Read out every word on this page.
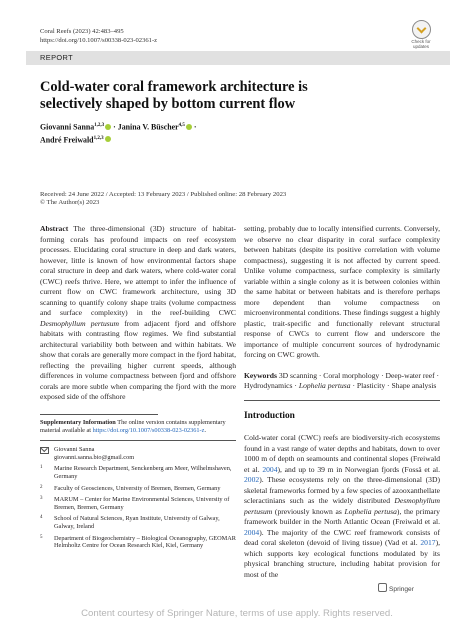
Coral Reefs (2023) 42:483–495
https://doi.org/10.1007/s00338-023-02361-z	Check for
updates
REPORT
Cold-water coral framework architecture is selectively shaped by bottom current flow
Giovanni Sanna$^{1,2,3}$ · Janina V. Büscher$^{4,5}$ ·
André Freiwald$^{1,2,3}$
Received: 24 June 2022 / Accepted: 13 February 2023 / Published online: 28 February 2023
© The Author(s) 2023

Abstract The three-dimensional (3D) structure of habitat-forming corals has profound impacts on reef ecosystem processes. Elucidating coral structure in deep and dark waters, however, little is known of how environmental factors shape coral structure in deep and dark waters, where cold-water coral (CWC) reefs thrive. Here, we attempt to infer the influence of current flow on CWC framework architecture, using 3D scanning to quantify colony shape traits (volume compactness and surface complexity) in the reef-building CWC Desmophyllum pertusum from adjacent fjord and offshore habitats with contrasting flow regimes. We find substantial architectural variability both between and within habitats. We show that corals are generally more compact in the fjord habitat, reflecting the prevailing higher current speeds, although differences in volume compactness between fjord and offshore corals are more subtle when comparing the fjord with the more exposed side of the offshore

Supplementary Information The online version contains supplementary material available at https://doi.org/10.1007/s00338-023-02361-z.
Giovanni Sanna
giovanni.sanna.bio@gmail.com
1 Marine Research Department, Senckenberg am Meer, Wilhelmshaven, Germany
2 Faculty of Geosciences, University of Bremen, Bremen, Germany
3 MARUM – Center for Marine Environmental Sciences, University of Bremen, Bremen, Germany
4 School of Natural Sciences, Ryan Institute, University of Galway, Galway, Ireland
5 Department of Biogeochemistry – Biological Oceanography, GEOMAR Helmholtz Centre for Ocean Research Kiel, Kiel, Germany

setting, probably due to locally intensified currents. Conversely, we observe no clear disparity in coral surface complexity between habitats (despite its positive correlation with volume compactness), suggesting it is not affected by current speed. Unlike volume compactness, surface complexity is similarly variable within a single colony as it is between colonies within the same habitat or between habitats and is therefore perhaps more dependent than volume compactness on microenvironmental conditions. These findings suggest a highly plastic, trait-specific and functionally relevant structural response of CWCs to current flow and underscore the importance of multiple concurrent sources of hydrodynamic forcing on CWC growth.

Keywords 3D scanning · Coral morphology · Deep-water reef · Hydrodynamics · Lophelia pertusa · Plasticity · Shape analysis

Introduction

Cold-water coral (CWC) reefs are biodiversity-rich ecosystems found in a vast range of water depths and habitats, down to over 1000 m of depth on seamounts and continental slopes (Freiwald et al. 2004), and up to 39 m in Norwegian fjords (Fossä et al. 2002). These ecosystems rely on the three-dimensional (3D) skeletal frameworks formed by a few species of azooxanthellate scleractinians such as the widely distributed Desmophyllum pertusum (previously known as Lophelia pertusa), the primary framework builder in the North Atlantic Ocean (Freiwald et al. 2004). The majority of the CWC reef framework consists of dead coral skeleton (devoid of living tissue) (Vad et al. 2017), which supports key ecological functions modulated by its physical branching structure, including habitat provision for most of the

Springer
Content courtesy of Springer Nature, terms of use apply. Rights reserved.
